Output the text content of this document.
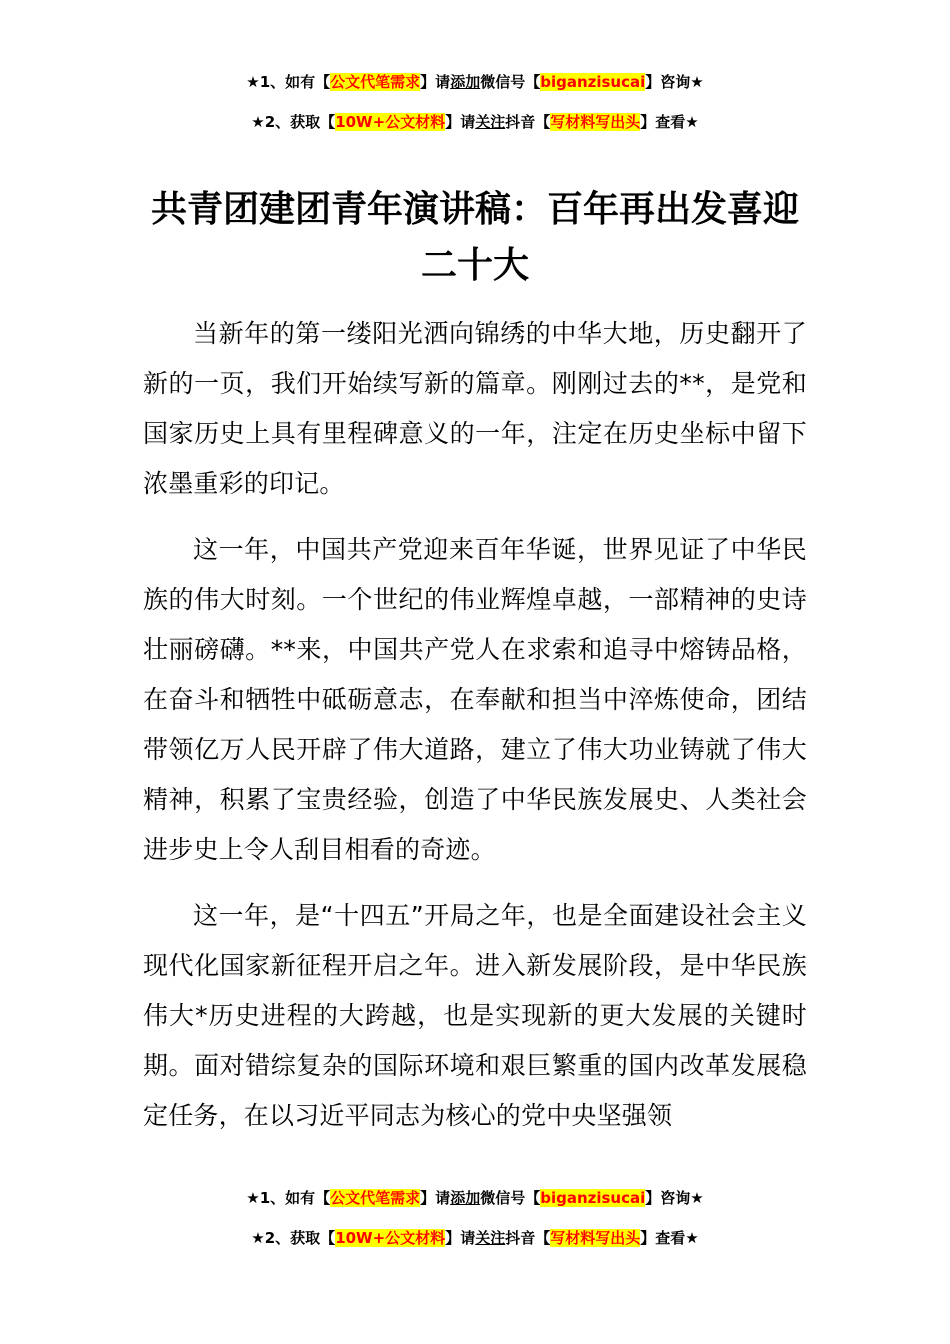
★1、如有【公文代笔需求】请添加微信号【biganzisucai】咨询★
★2、获取【10W+公文材料】请关注抖音【写材料写出头】查看★
共青团建团青年演讲稿：百年再出发喜迎二十大

当新年的第一缕阳光洒向锦绣的中华大地，历史翻开了新的一页，我们开始续写新的篇章。刚刚过去的**，是党和国家历史上具有里程碑意义的一年，注定在历史坐标中留下浓墨重彩的印记。

这一年，中国共产党迎来百年华诞，世界见证了中华民族的伟大时刻。一个世纪的伟业辉煌卓越，一部精神的史诗壮丽磅礴。**来，中国共产党人在求索和追寻中熔铸品格，在奋斗和牺牲中砥砺意志，在奉献和担当中淬炼使命，团结带领亿万人民开辟了伟大道路，建立了伟大功业铸就了伟大精神，积累了宝贵经验，创造了中华民族发展史、人类社会进步史上令人刮目相看的奇迹。

这一年，是“十四五”开局之年，也是全面建设社会主义现代化国家新征程开启之年。进入新发展阶段，是中华民族伟大*历史进程的大跨越，也是实现新的更大发展的关键时期。面对错综复杂的国际环境和艰巨繁重的国内改革发展稳定任务，在以习近平同志为核心的党中央坚强领

★1、如有【公文代笔需求】请添加微信号【biganzisucai】咨询★
★2、获取【10W+公文材料】请关注抖音【写材料写出头】查看★
